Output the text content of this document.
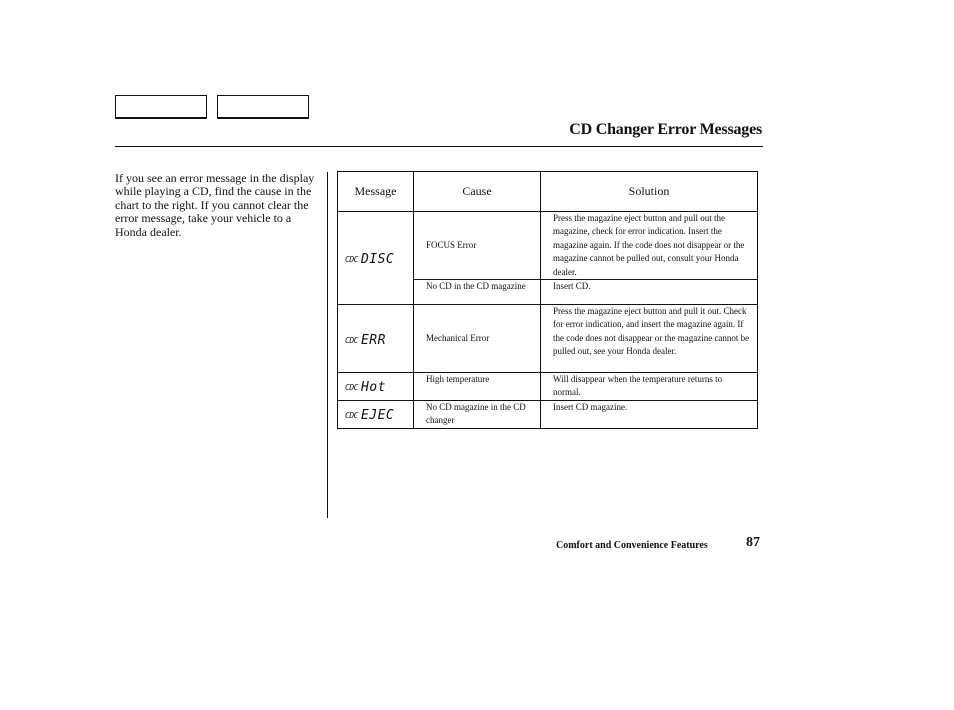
CD Changer Error Messages
If you see an error message in the display while playing a CD, find the cause in the chart to the right. If you cannot clear the error message, take your vehicle to a Honda dealer.
Message	Cause	Solution

CDC DISC	FOCUS Error	Press the magazine eject button and pull out the magazine, check for error indication. Insert the magazine again. If the code does not disappear or the magazine cannot be pulled out, consult your Honda dealer.
	No CD in the CD magazine	Insert CD.

CDC ERR	Mechanical Error	Press the magazine eject button and pull it out. Check for error indication, and insert the magazine again. If the code does not disappear or the magazine cannot be pulled out, see your Honda dealer.

CDC Hot	High temperature	Will disappear when the temperature returns to normal.

CDC EJEC	No CD magazine in the CD changer	Insert CD magazine.
Comfort and Convenience Features	87
